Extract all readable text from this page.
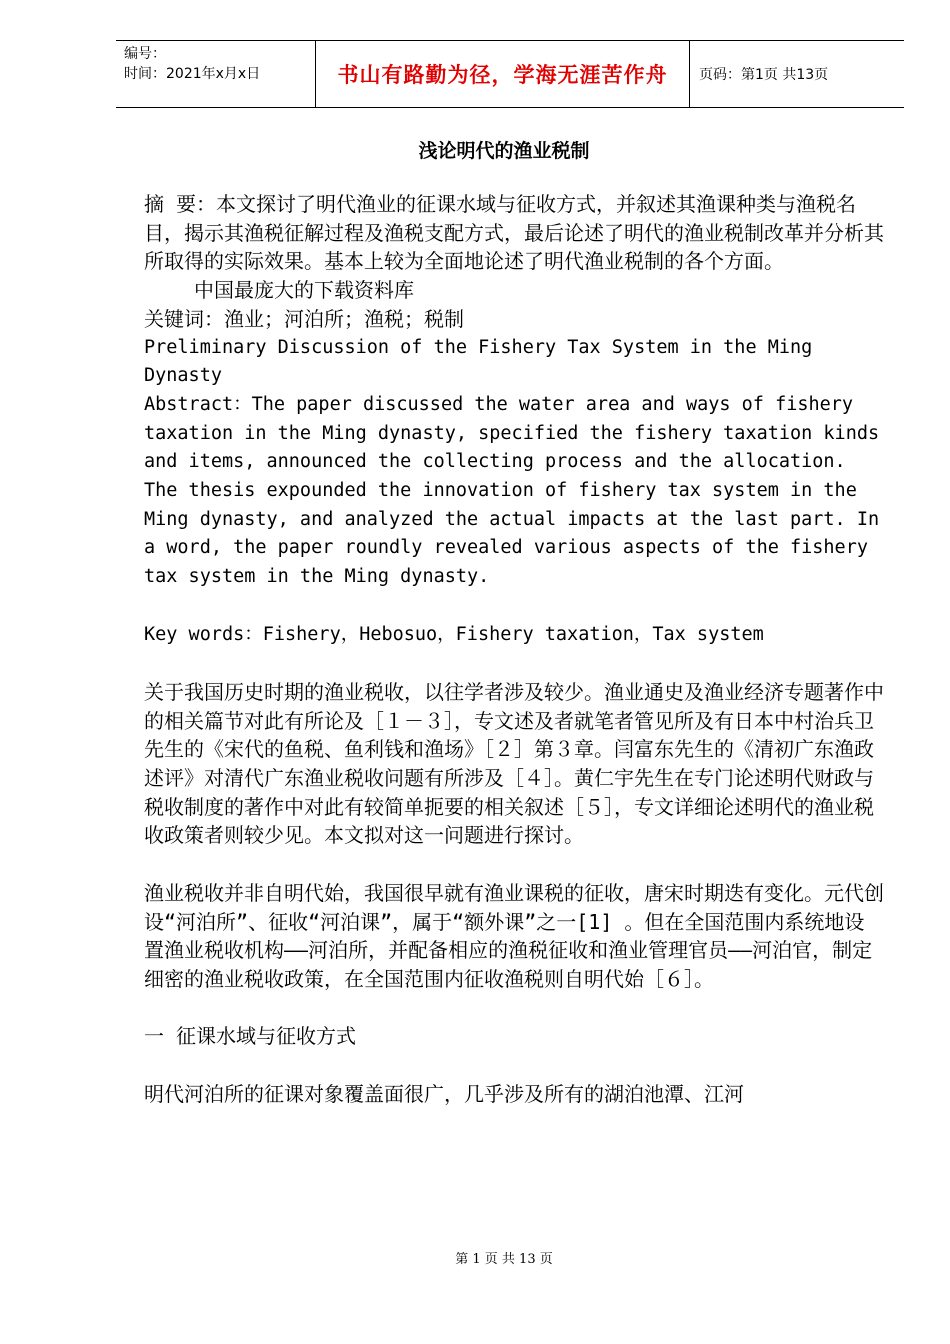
编号：
时间：2021年x月x日	书山有路勤为径，学海无涯苦作舟	页码：第1页 共13页
浅论明代的渔业税制

摘 要：本文探讨了明代渔业的征课水域与征收方式，并叙述其渔课种类与渔税名目，揭示其渔税征解过程及渔税支配方式，最后论述了明代的渔业税制改革并分析其所取得的实际效果。基本上较为全面地论述了明代渔业税制的各个方面。

中国最庞大的下载资料库

关键词：渔业；河泊所；渔税；税制

Preliminary Discussion of the Fishery Tax System in the Ming Dynasty

Abstract：The paper discussed the water area and ways of fishery taxation in the Ming dynasty, specified the fishery taxation kinds and items, announced the collecting process and the allocation. The thesis expounded the innovation of fishery tax system in the Ming dynasty, and analyzed the actual impacts at the last part. In a word, the paper roundly revealed various aspects of the fishery tax system in the Ming dynasty.

Key words：Fishery，Hebosuo，Fishery taxation，Tax system

关于我国历史时期的渔业税收，以往学者涉及较少。渔业通史及渔业经济专题著作中的相关篇节对此有所论及［１－３］，专文述及者就笔者管见所及有日本中村治兵卫先生的《宋代的鱼税、鱼利钱和渔场》［２］第３章。闫富东先生的《清初广东渔政述评》对清代广东渔业税收问题有所涉及［４］。黄仁宇先生在专门论述明代财政与税收制度的著作中对此有较简单扼要的相关叙述［５］，专文详细论述明代的渔业税收政策者则较少见。本文拟对这一问题进行探讨。

渔业税收并非自明代始，我国很早就有渔业课税的征收，唐宋时期迭有变化。元代创设“河泊所”、征收“河泊课”，属于“额外课”之一[1] 。但在全国范围内系统地设置渔业税收机构——河泊所，并配备相应的渔税征收和渔业管理官员——河泊官，制定细密的渔业税收政策，在全国范围内征收渔税则自明代始［６］。

一 征课水域与征收方式

明代河泊所的征课对象覆盖面很广，几乎涉及所有的湖泊池潭、江河

第 1 页 共 13 页
